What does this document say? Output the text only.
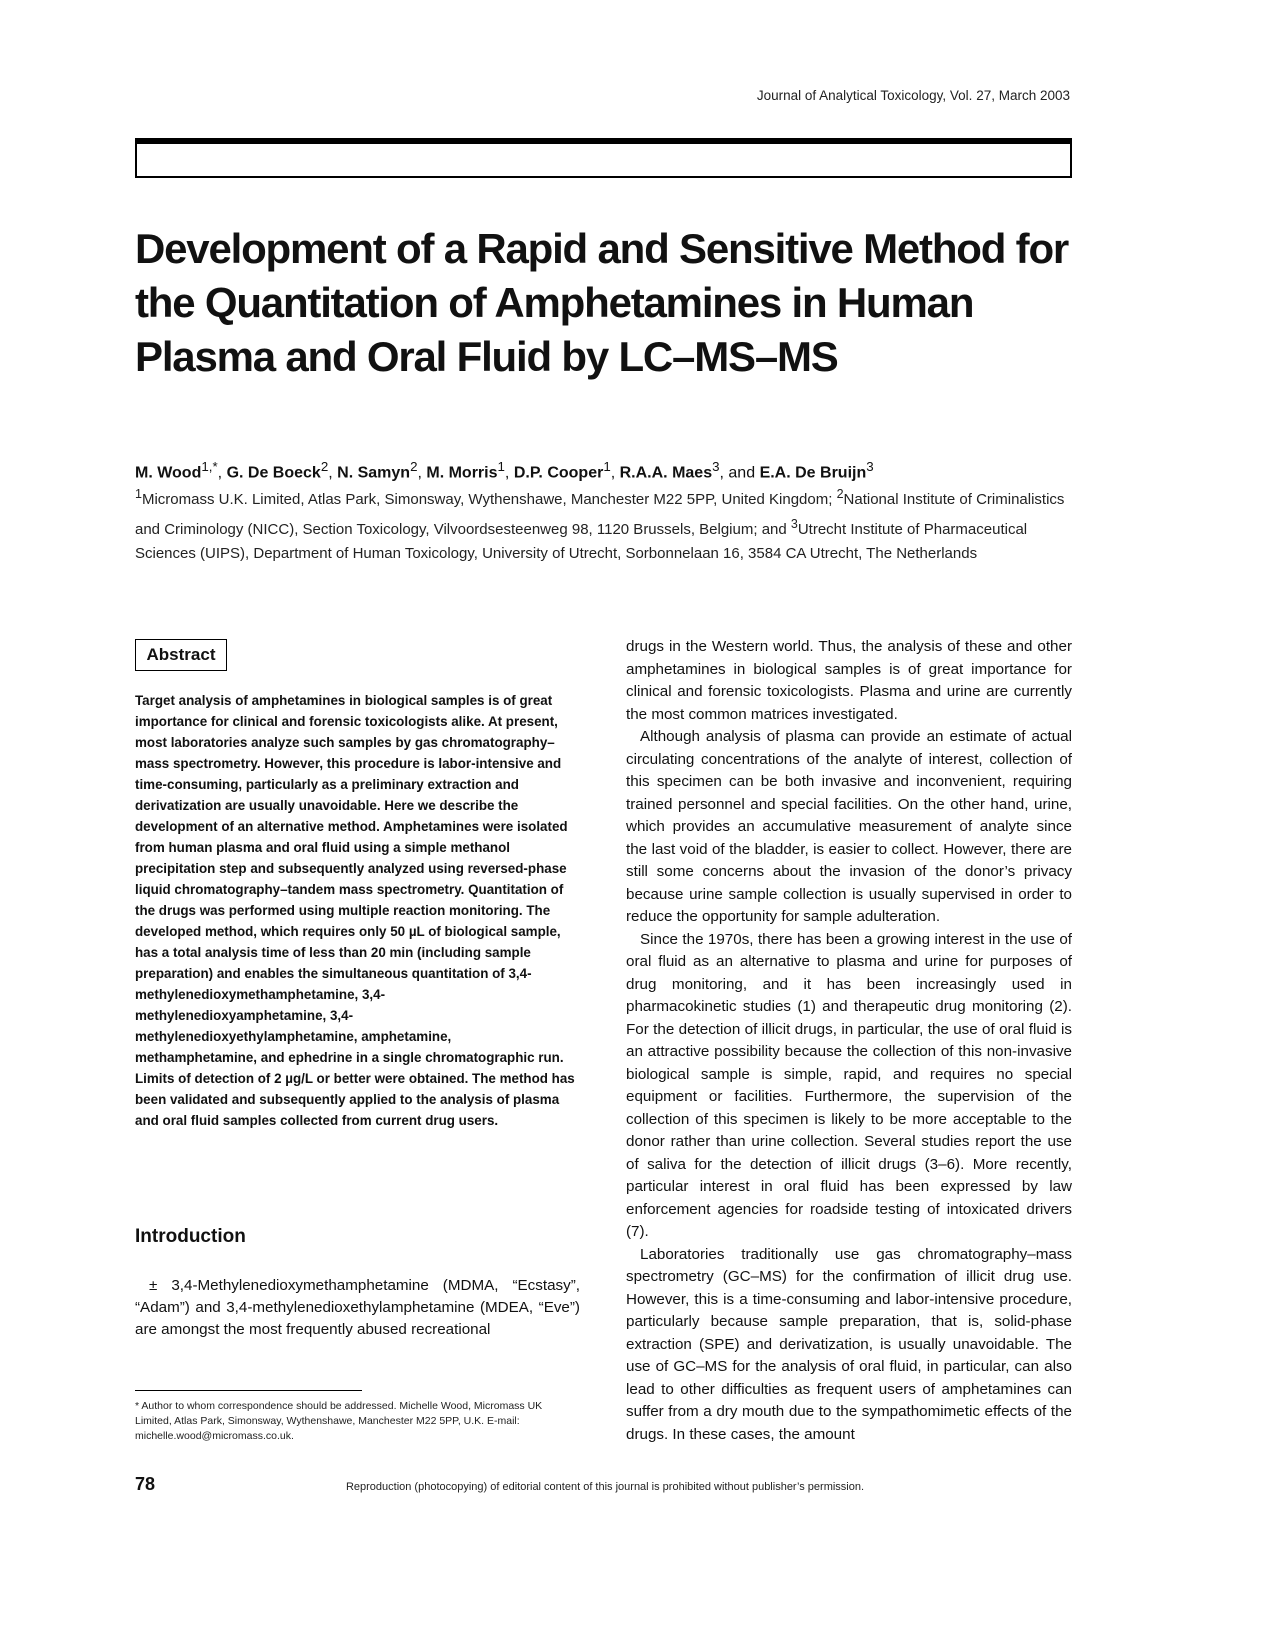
Journal of Analytical Toxicology, Vol. 27, March 2003
Development of a Rapid and Sensitive Method for the Quantitation of Amphetamines in Human Plasma and Oral Fluid by LC–MS–MS
M. Wood$^{1,*}$, G. De Boeck$^2$, N. Samyn$^2$, M. Morris$^1$, D.P. Cooper$^1$, R.A.A. Maes$^3$, and E.A. De Bruijn$^3$
$^1$Micromass U.K. Limited, Atlas Park, Simonsway, Wythenshawe, Manchester M22 5PP, United Kingdom; $^2$National Institute of Criminalistics and Criminology (NICC), Section Toxicology, Vilvoordsesteenweg 98, 1120 Brussels, Belgium; and $^3$Utrecht Institute of Pharmaceutical Sciences (UIPS), Department of Human Toxicology, University of Utrecht, Sorbonnelaan 16, 3584 CA Utrecht, The Netherlands
Abstract
Target analysis of amphetamines in biological samples is of great importance for clinical and forensic toxicologists alike. At present, most laboratories analyze such samples by gas chromatography–mass spectrometry. However, this procedure is labor-intensive and time-consuming, particularly as a preliminary extraction and derivatization are usually unavoidable. Here we describe the development of an alternative method. Amphetamines were isolated from human plasma and oral fluid using a simple methanol precipitation step and subsequently analyzed using reversed-phase liquid chromatography–tandem mass spectrometry. Quantitation of the drugs was performed using multiple reaction monitoring. The developed method, which requires only 50 µL of biological sample, has a total analysis time of less than 20 min (including sample preparation) and enables the simultaneous quantitation of 3,4-methylenedioxymethamphetamine, 3,4-methylenedioxyamphetamine, 3,4-methylenedioxyethylamphetamine, amphetamine, methamphetamine, and ephedrine in a single chromatographic run. Limits of detection of 2 µg/L or better were obtained. The method has been validated and subsequently applied to the analysis of plasma and oral fluid samples collected from current drug users.
Introduction
± 3,4-Methylenedioxymethamphetamine (MDMA, “Ecstasy”, “Adam”) and 3,4-methylenedioxethylamphetamine (MDEA, “Eve”) are amongst the most frequently abused recreational
* Author to whom correspondence should be addressed. Michelle Wood, Micromass UK Limited, Atlas Park, Simonsway, Wythenshawe, Manchester M22 5PP, U.K. E-mail: michelle.wood@micromass.co.uk.
78	Reproduction (photocopying) of editorial content of this journal is prohibited without publisher’s permission.

drugs in the Western world. Thus, the analysis of these and other amphetamines in biological samples is of great importance for clinical and forensic toxicologists. Plasma and urine are currently the most common matrices investigated.

Although analysis of plasma can provide an estimate of actual circulating concentrations of the analyte of interest, collection of this specimen can be both invasive and inconvenient, requiring trained personnel and special facilities. On the other hand, urine, which provides an accumulative measurement of analyte since the last void of the bladder, is easier to collect. However, there are still some concerns about the invasion of the donor’s privacy because urine sample collection is usually supervised in order to reduce the opportunity for sample adulteration.

Since the 1970s, there has been a growing interest in the use of oral fluid as an alternative to plasma and urine for purposes of drug monitoring, and it has been increasingly used in pharmacokinetic studies (1) and therapeutic drug monitoring (2). For the detection of illicit drugs, in particular, the use of oral fluid is an attractive possibility because the collection of this non-invasive biological sample is simple, rapid, and requires no special equipment or facilities. Furthermore, the supervision of the collection of this specimen is likely to be more acceptable to the donor rather than urine collection. Several studies report the use of saliva for the detection of illicit drugs (3–6). More recently, particular interest in oral fluid has been expressed by law enforcement agencies for roadside testing of intoxicated drivers (7).

Laboratories traditionally use gas chromatography–mass spectrometry (GC–MS) for the confirmation of illicit drug use. However, this is a time-consuming and labor-intensive procedure, particularly because sample preparation, that is, solid-phase extraction (SPE) and derivatization, is usually unavoidable. The use of GC–MS for the analysis of oral fluid, in particular, can also lead to other difficulties as frequent users of amphetamines can suffer from a dry mouth due to the sympathomimetic effects of the drugs. In these cases, the amount
